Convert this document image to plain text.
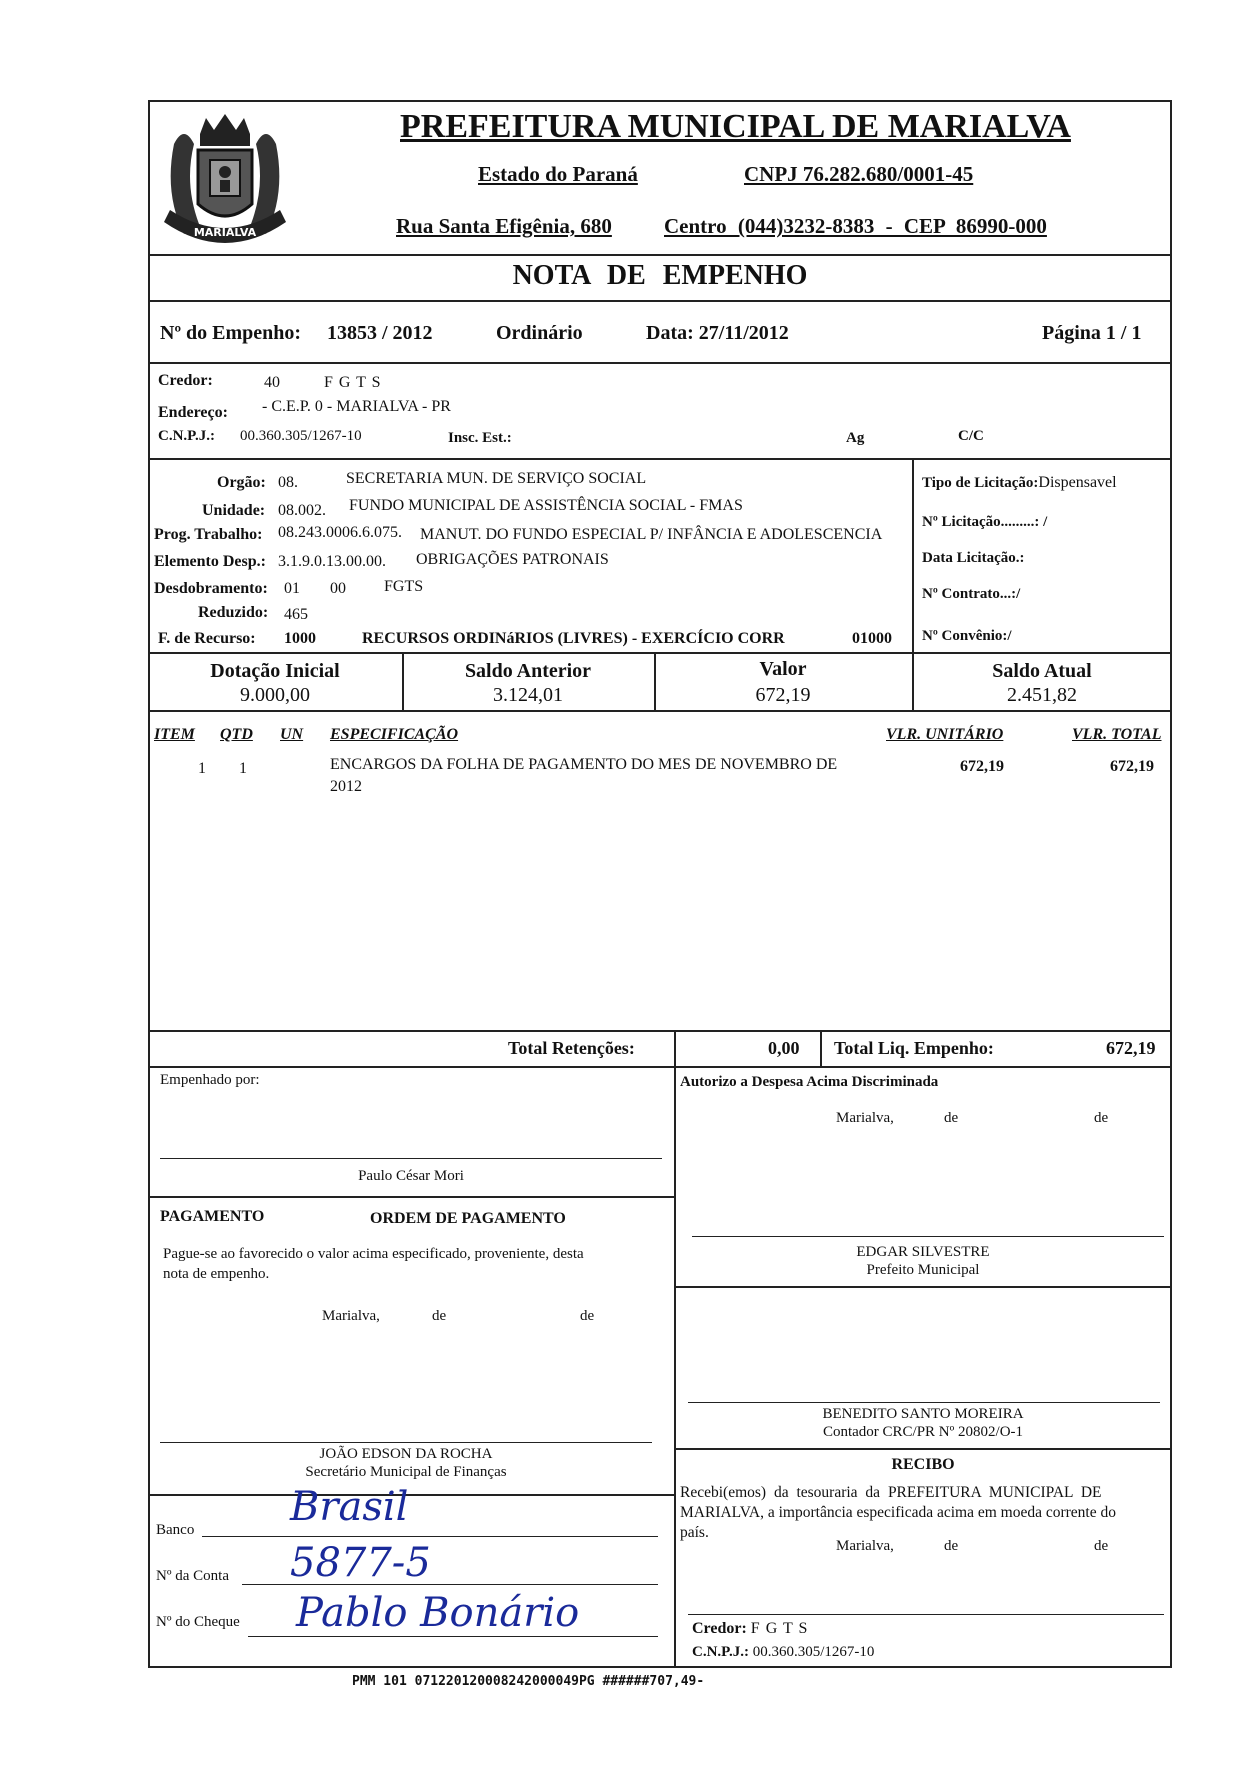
MARIALVA
PREFEITURA MUNICIPAL DE MARIALVA
Estado do Paraná	CNPJ 76.282.680/0001-45
Rua Santa Efigênia, 680 Centro (044)3232-8383 - CEP 86990-000
NOTA DE EMPENHO
Nº do Empenho: 13853 / 2012	Ordinário	Data: 27/11/2012	Página 1 / 1
Credor:	40	F G T S
Endereço: - C.E.P. 0 - MARIALVA - PR
C.N.P.J.: 00.360.305/1267-10	Insc. Est.:	Ag	C/C
Orgão: 08.	SECRETARIA MUN. DE SERVIÇO SOCIAL
Unidade: 08.002. FUNDO MUNICIPAL DE ASSISTÊNCIA SOCIAL - FMAS
Prog. Trabalho: 08.243.0006.6.075. MANUT. DO FUNDO ESPECIAL P/ INFÂNCIA E ADOLESCENCIA
Elemento Desp.: 3.1.9.0.13.00.00. OBRIGAÇÕES PATRONAIS
Desdobramento: 01 00 FGTS
Reduzido: 465
F. de Recurso: 1000	RECURSOS ORDINáRIOS (LIVRES) - EXERCÍCIO CORR	01000
Tipo de Licitação:Dispensavel
Nº Licitação.........: /
Data Licitação.:
Nº Contrato...:/
Nº Convênio:/
Dotação Inicial
9.000,00
Saldo Anterior
3.124,01
Valor
672,19
Saldo Atual
2.451,82
ITEM QTD UN ESPECIFICAÇÃO	VLR. UNITÁRIO	VLR. TOTAL
1 1	ENCARGOS DA FOLHA DE PAGAMENTO DO MES DE NOVEMBRO DE
2012
672,19	672,19
Total Retenções:	0,00 Total Liq. Empenho:	672,19
Empenhado por:
Paulo César Mori
PAGAMENTO	ORDEM DE PAGAMENTO
Pague-se ao favorecido o valor acima especificado, proveniente, desta
nota de empenho.
Marialva,	de	de
JOÃO EDSON DA ROCHA
Secretário Municipal de Finanças
Banco Brasil
Nº da Conta 5877-5
Nº do Cheque Pablo Bonário
Autorizo a Despesa Acima Discriminada
Marialva,	de	de
EDGAR SILVESTRE
Prefeito Municipal
BENEDITO SANTO MOREIRA
Contador CRC/PR Nº 20802/O-1
RECIBO
Recebi(emos) da tesouraria da PREFEITURA MUNICIPAL DE
MARIALVA, a importância especificada acima em moeda corrente do
país.
Marialva,	de	de
Credor: F G T S
C.N.P.J.: 00.360.305/1267-10
PMM 101 071220120008242000049PG ######707,49-
